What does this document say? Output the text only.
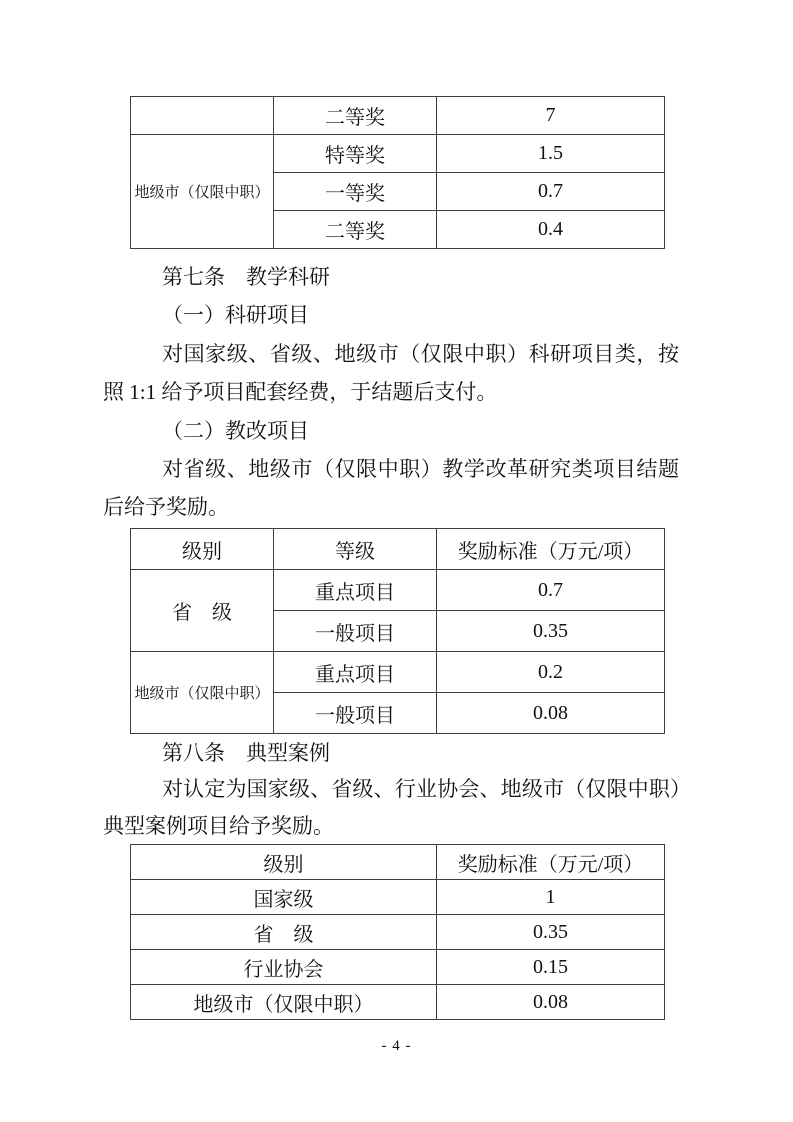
	二等奖	7
地级市（仅限中职）	特等奖	1.5
	一等奖	0.7
	二等奖	0.4

第七条　教学科研

（一）科研项目

对国家级、省级、地级市（仅限中职）科研项目类，按照 1:1 给予项目配套经费，于结题后支付。

（二）教改项目

对省级、地级市（仅限中职）教学改革研究类项目结题后给予奖励。

级别	等级	奖励标准（万元/项）
省　级	重点项目	0.7
	一般项目	0.35
地级市（仅限中职）	重点项目	0.2
	一般项目	0.08

第八条　典型案例

对认定为国家级、省级、行业协会、地级市（仅限中职）典型案例项目给予奖励。

级别	奖励标准（万元/项）
国家级	1
省　级	0.35
行业协会	0.15
地级市（仅限中职）	0.08
- 4 -
